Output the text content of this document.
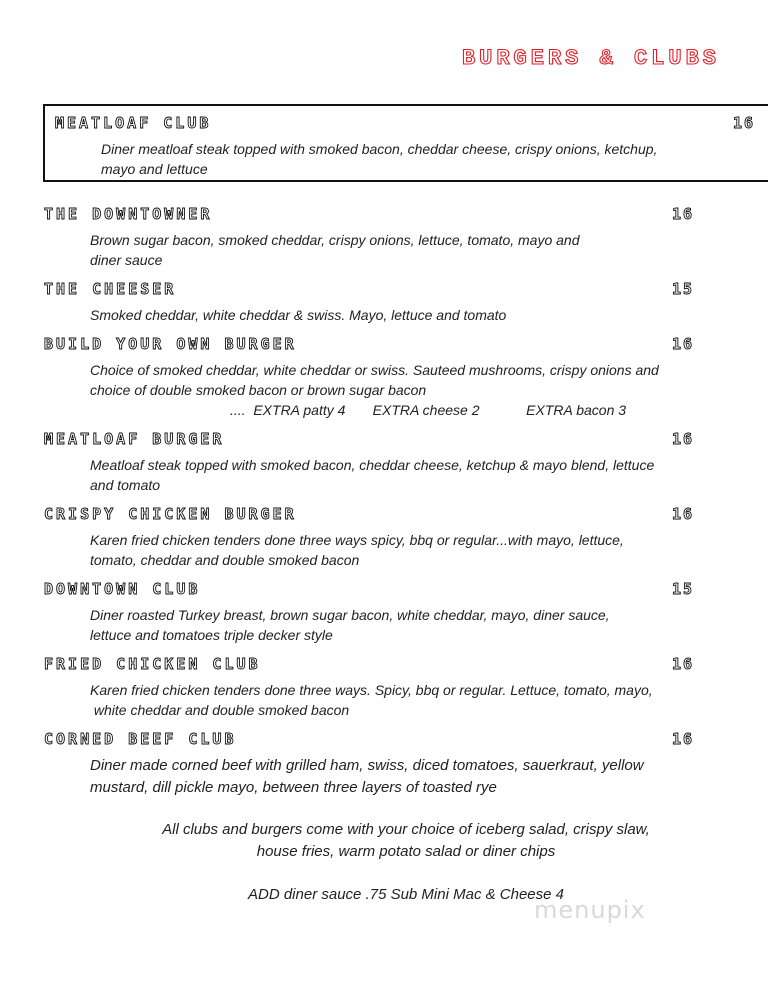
BURGERS & CLUBS
MEATLOAF CLUB	16
Diner meatloaf steak topped with smoked bacon, cheddar cheese, crispy onions, ketchup,
mayo and lettuce
THE DOWNTOWNER	16
Brown sugar bacon, smoked cheddar, crispy onions, lettuce, tomato, mayo and
diner sauce
THE CHEESER	15
Smoked cheddar, white cheddar & swiss. Mayo, lettuce and tomato
BUILD YOUR OWN BURGER	16
Choice of smoked cheddar, white cheddar or swiss. Sauteed mushrooms, crispy onions and
choice of double smoked bacon or brown sugar bacon
....  EXTRA patty 4       EXTRA cheese 2            EXTRA bacon 3
MEATLOAF BURGER	16
Meatloaf steak topped with smoked bacon, cheddar cheese, ketchup & mayo blend, lettuce
and tomato
CRISPY CHICKEN BURGER	16
Karen fried chicken tenders done three ways spicy, bbq or regular...with mayo, lettuce,
tomato, cheddar and double smoked bacon
DOWNTOWN CLUB	15
Diner roasted Turkey breast, brown sugar bacon, white cheddar, mayo, diner sauce,
lettuce and tomatoes triple decker style
FRIED CHICKEN CLUB	16
Karen fried chicken tenders done three ways. Spicy, bbq or regular. Lettuce, tomato, mayo,
white cheddar and double smoked bacon
CORNED BEEF CLUB	16
Diner made corned beef with grilled ham, swiss, diced tomatoes, sauerkraut, yellow
mustard, dill pickle mayo, between three layers of toasted rye
All clubs and burgers come with your choice of iceberg salad, crispy slaw,
house fries, warm potato salad or diner chips
ADD diner sauce .75 Sub Mini Mac & Cheese 4
menupix
